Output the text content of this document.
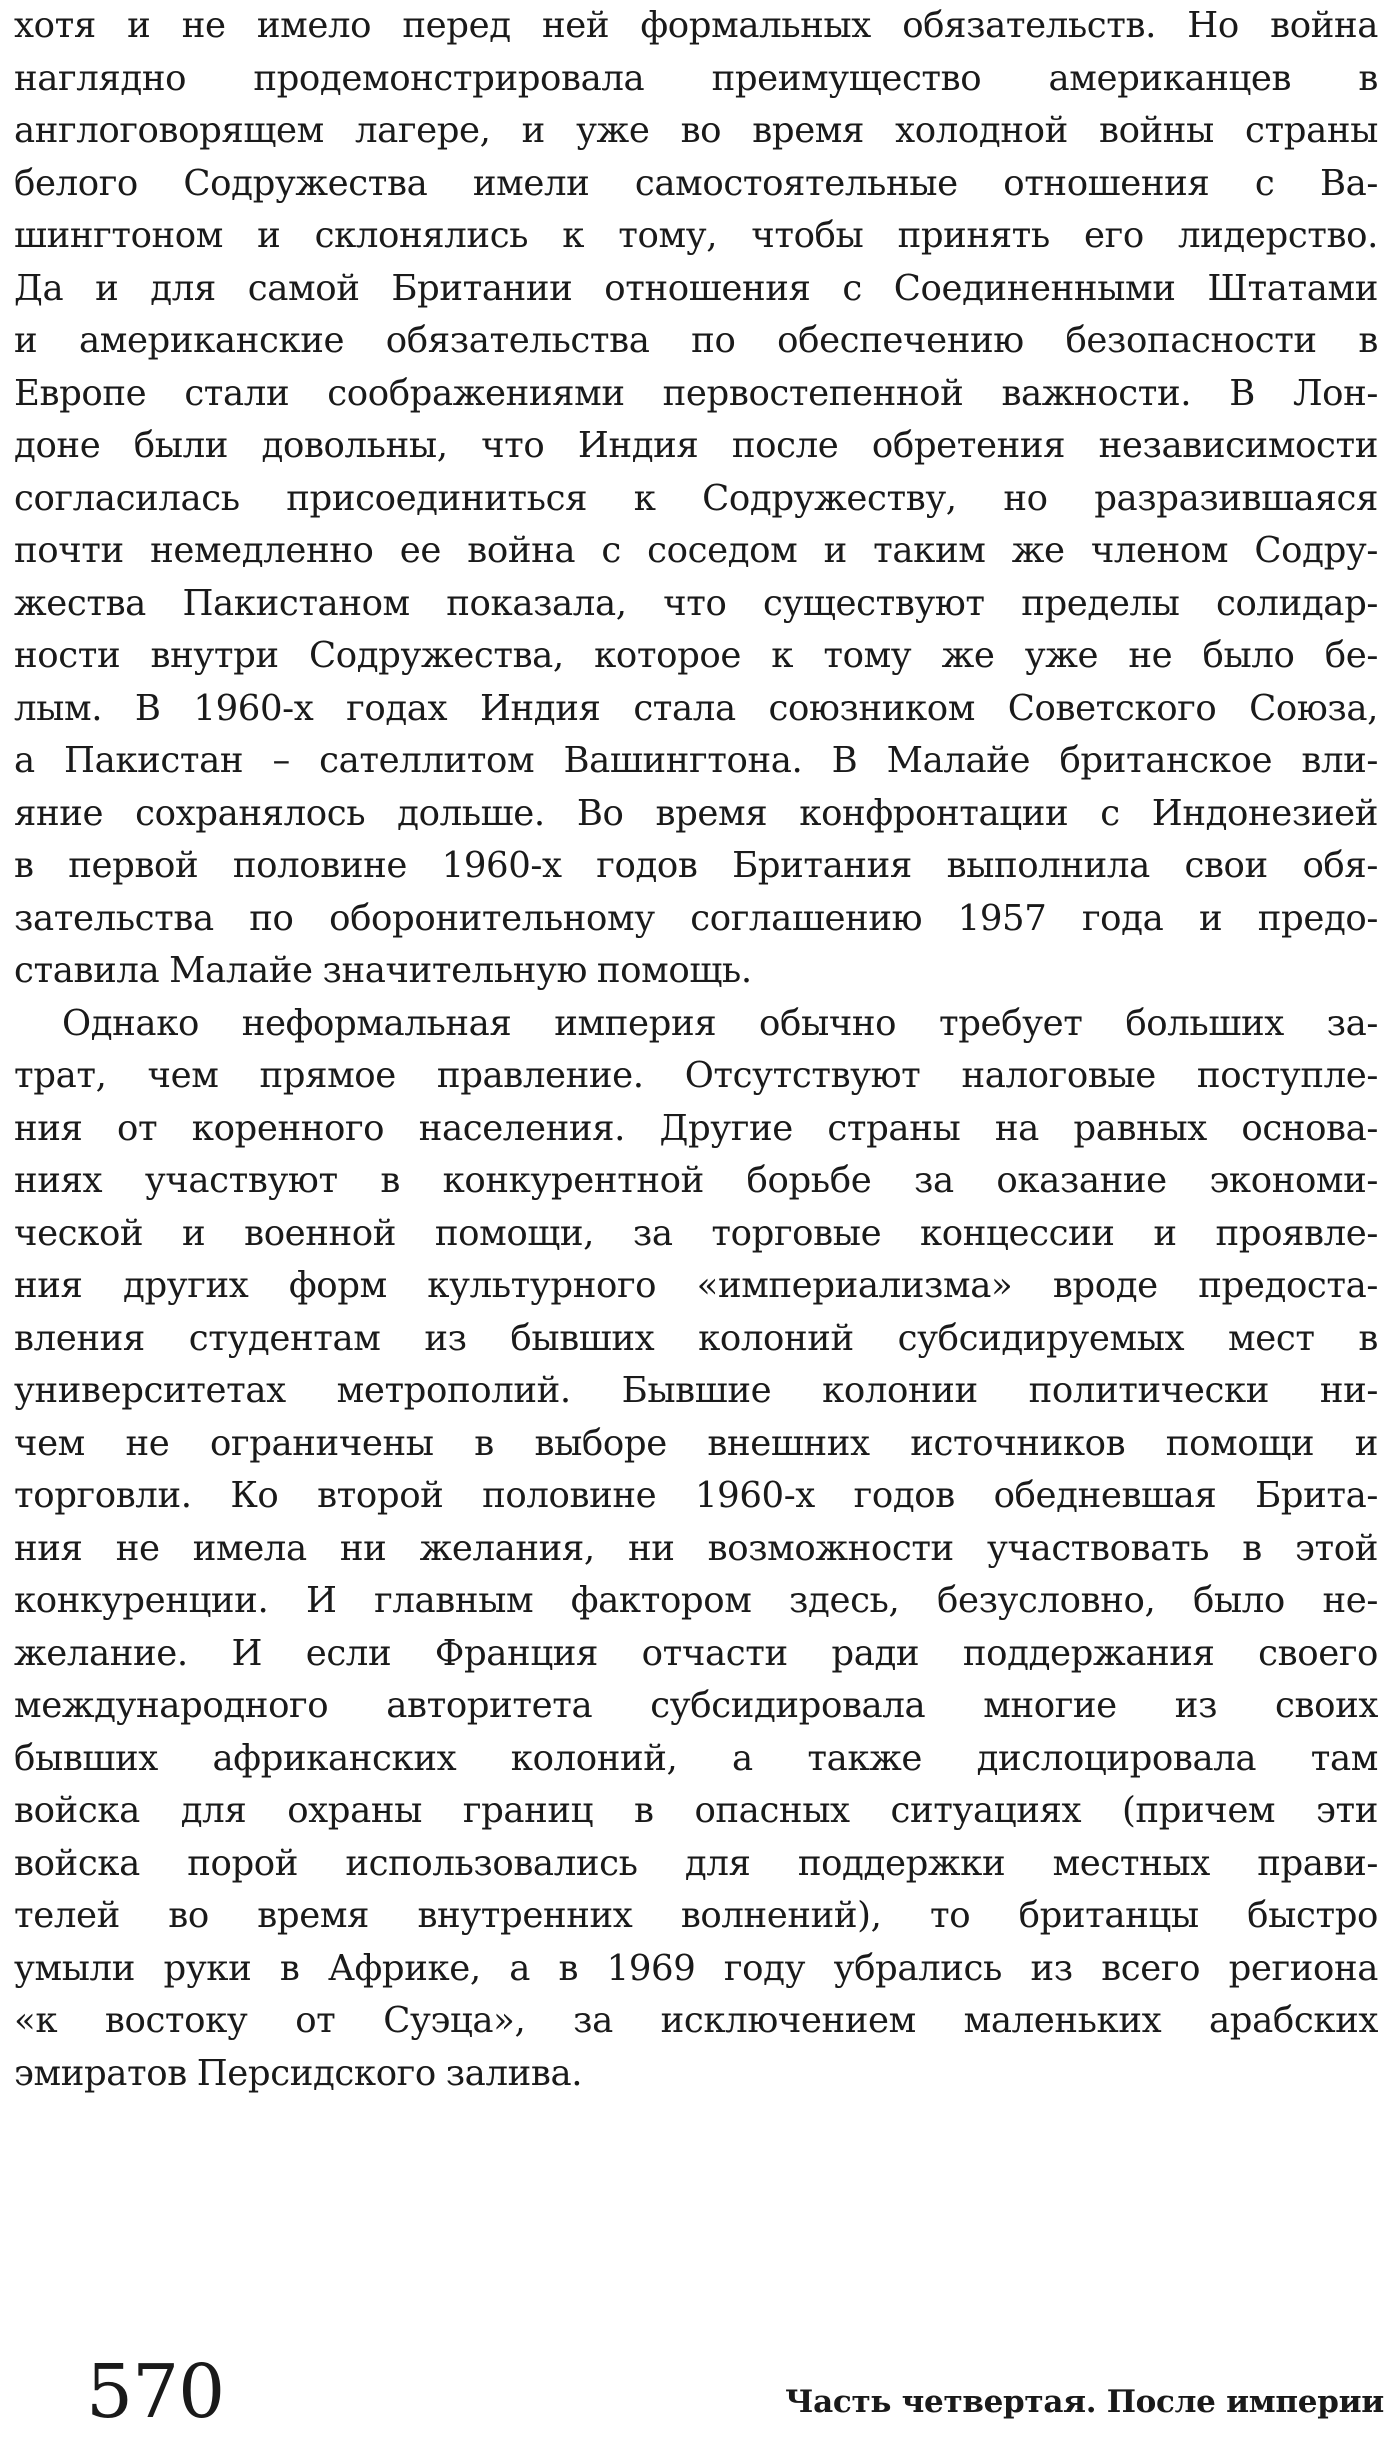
хотя и не имело перед ней формальных обязательств. Но война
наглядно продемонстрировала преимущество американцев в
англоговорящем лагере, и уже во время холодной войны страны
белого Содружества имели самостоятельные отношения с Ва-
шингтоном и склонялись к тому, чтобы принять его лидерство.
Да и для самой Британии отношения с Соединенными Штатами
и американские обязательства по обеспечению безопасности в
Европе стали соображениями первостепенной важности. В Лон-
доне были довольны, что Индия после обретения независимости
согласилась присоединиться к Содружеству, но разразившаяся
почти немедленно ее война с соседом и таким же членом Содру-
жества Пакистаном показала, что существуют пределы солидар-
ности внутри Содружества, которое к тому же уже не было бе-
лым. В 1960-х годах Индия стала союзником Советского Союза,
а Пакистан – сателлитом Вашингтона. В Малайе британское вли-
яние сохранялось дольше. Во время конфронтации с Индонезией
в первой половине 1960-х годов Британия выполнила свои обя-
зательства по оборонительному соглашению 1957 года и предо-
ставила Малайе значительную помощь.
Однако неформальная империя обычно требует больших за-
трат, чем прямое правление. Отсутствуют налоговые поступле-
ния от коренного населения. Другие страны на равных основа-
ниях участвуют в конкурентной борьбе за оказание экономи-
ческой и военной помощи, за торговые концессии и проявле-
ния других форм культурного «империализма» вроде предоста-
вления студентам из бывших колоний субсидируемых мест в
университетах метрополий. Бывшие колонии политически ни-
чем не ограничены в выборе внешних источников помощи и
торговли. Ко второй половине 1960-х годов обедневшая Брита-
ния не имела ни желания, ни возможности участвовать в этой
конкуренции. И главным фактором здесь, безусловно, было не-
желание. И если Франция отчасти ради поддержания своего
международного авторитета субсидировала многие из своих
бывших африканских колоний, а также дислоцировала там
войска для охраны границ в опасных ситуациях (причем эти
войска порой использовались для поддержки местных прави-
телей во время внутренних волнений), то британцы быстро
умыли руки в Африке, а в 1969 году убрались из всего региона
«к востоку от Суэца», за исключением маленьких арабских
эмиратов Персидского залива.
570	Часть четвертая. После империи
